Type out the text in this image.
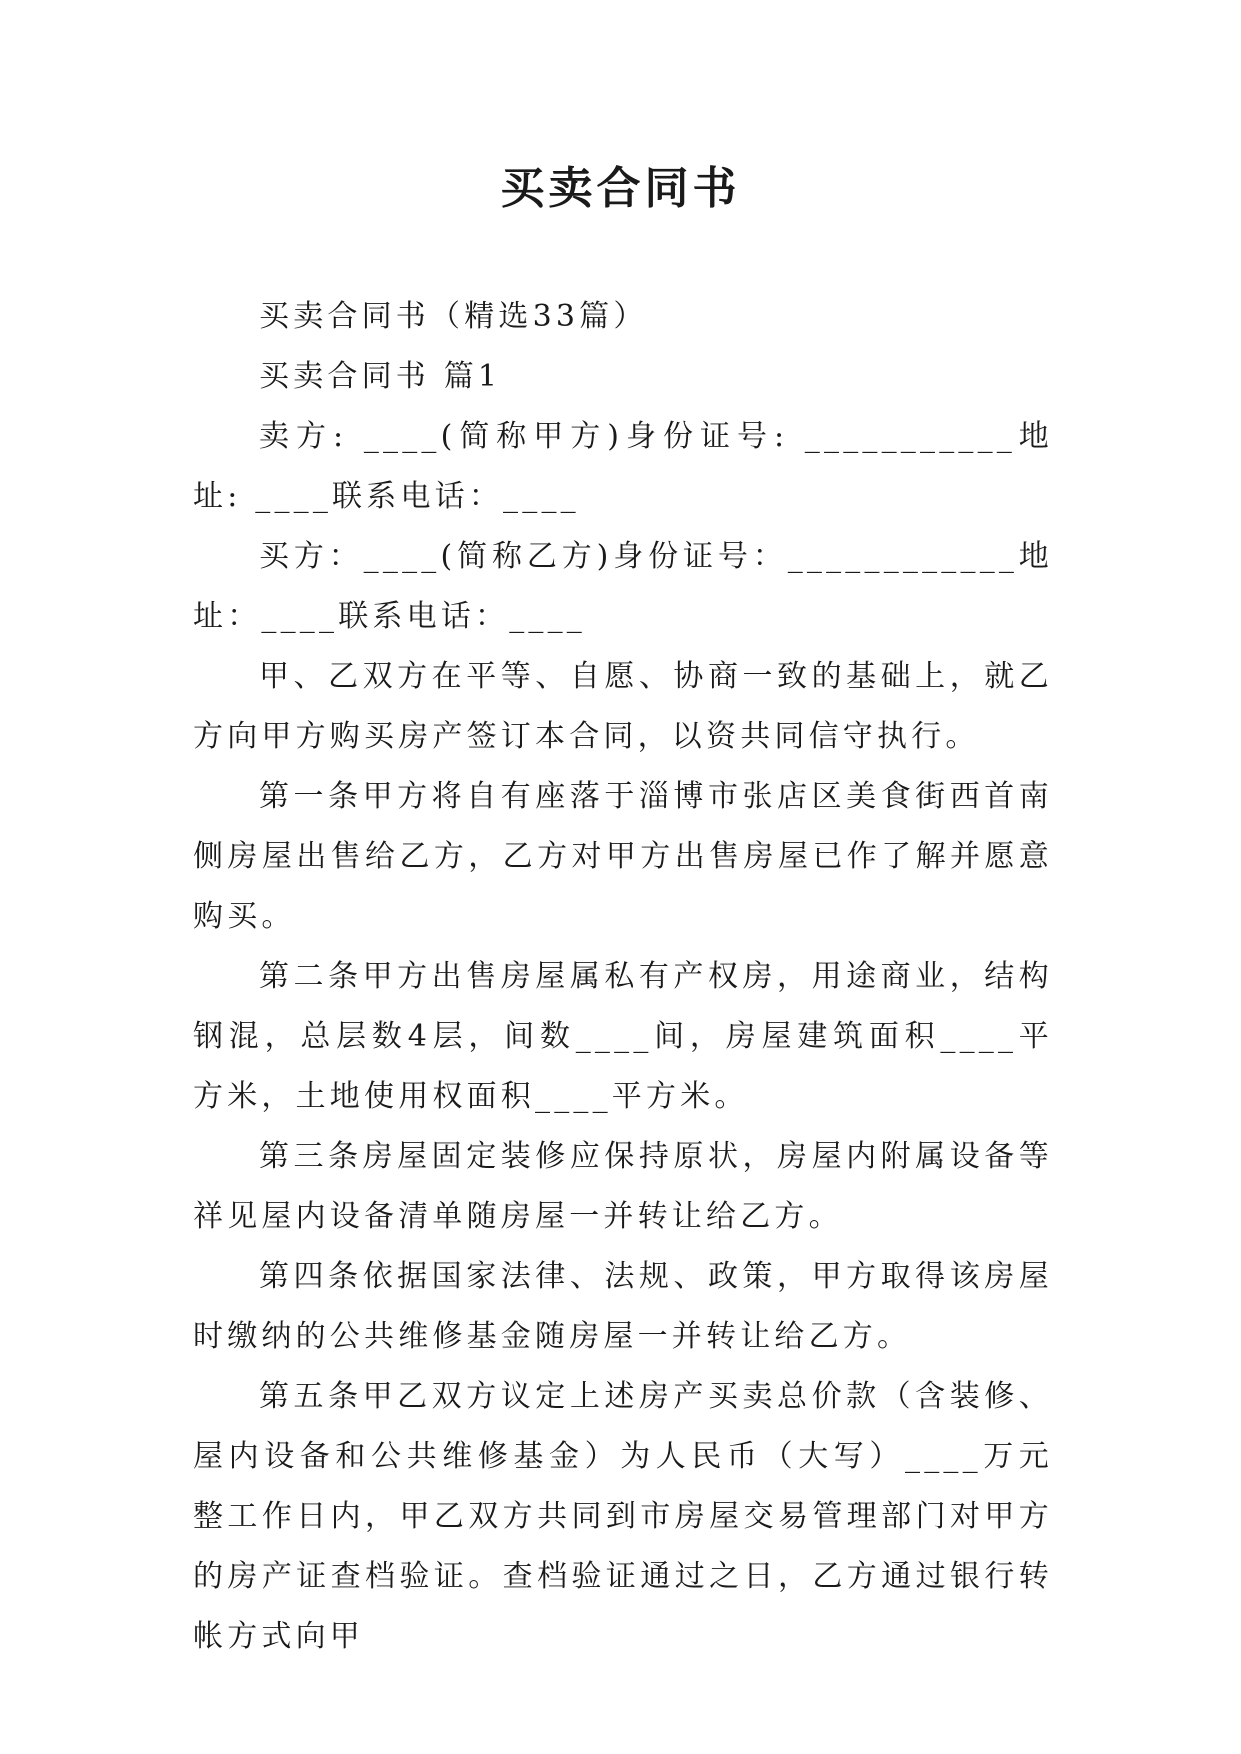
买卖合同书

买卖合同书（精选33篇）

买卖合同书 篇1

卖方: ____(简称甲方)身份证号: ___________地址: ____联系电话：____

买方：____(简称乙方)身份证号：____________地址：____联系电话：____

甲、乙双方在平等、自愿、协商一致的基础上，就乙方向甲方购买房产签订本合同，以资共同信守执行。

第一条甲方将自有座落于淄博市张店区美食街西首南侧房屋出售给乙方，乙方对甲方出售房屋已作了解并愿意购买。

第二条甲方出售房屋属私有产权房，用途商业，结构钢混，总层数4层，间数____间，房屋建筑面积____平方米，土地使用权面积____平方米。

第三条房屋固定装修应保持原状，房屋内附属设备等祥见屋内设备清单随房屋一并转让给乙方。

第四条依据国家法律、法规、政策，甲方取得该房屋时缴纳的公共维修基金随房屋一并转让给乙方。

第五条甲乙双方议定上述房产买卖总价款（含装修、屋内设备和公共维修基金）为人民币（大写）____万元整工作日内，甲乙双方共同到市房屋交易管理部门对甲方的房产证查档验证。查档验证通过之日，乙方通过银行转帐方式向甲
